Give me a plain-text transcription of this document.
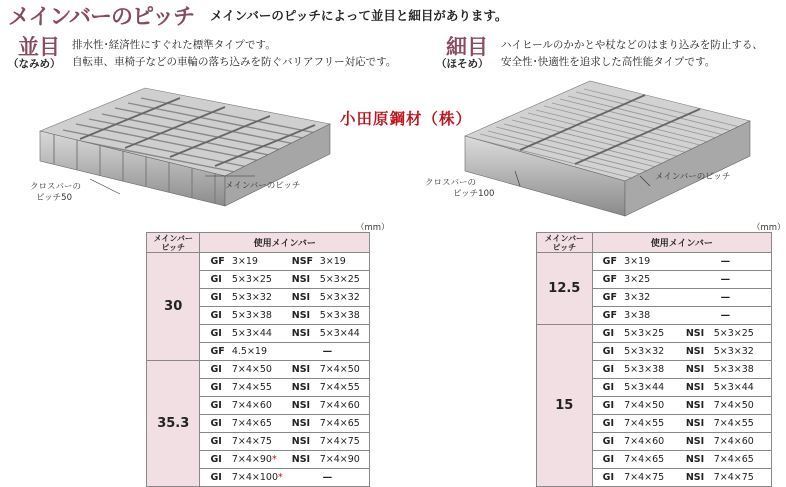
メインバーのピッチ メインバーのピッチによって並目と細目があります。
並目
（なみめ）
排水性･経済性にすぐれた標準タイプです。
自転車、車椅子などの車輪の落ち込みを防ぐバリアフリー対応です。
細目
（ほそめ）
ハイヒールのかかとや杖などのはまり込みを防止する、
安全性･快適性を追求した高性能タイプです。
小田原鋼材（株）
クロスバーの
ピッチ50
メインバーのピッチ	クロスバーの
ピッチ100
メインバーのピッチ
（mm）	（mm）
メインバー
ピッチ	使用メインバー			
30	GF	3×19	NSF	3×19
	GI	5×3×25	NSI	5×3×25
	GI	5×3×32	NSI	5×3×32
	GI	5×3×38	NSI	5×3×38
	GI	5×3×44	NSI	5×3×44
	GF	4.5×19	—	
35.3	GI	7×4×50	NSI	7×4×50
	GI	7×4×55	NSI	7×4×55
	GI	7×4×60	NSI	7×4×60
	GI	7×4×65	NSI	7×4×65
	GI	7×4×75	NSI	7×4×75
	GI	7×4×90*	NSI	7×4×90
	GI	7×4×100*	—	
メインバー
ピッチ	使用メインバー			
12.5	GF	3×19	—	
	GF	3×25	—	
	GF	3×32	—	
	GF	3×38	—	
15	GI	5×3×25	NSI	5×3×25
	GI	5×3×32	NSI	5×3×32
	GI	5×3×38	NSI	5×3×38
	GI	5×3×44	NSI	5×3×44
	GI	7×4×50	NSI	7×4×50
	GI	7×4×55	NSI	7×4×55
	GI	7×4×60	NSI	7×4×60
	GI	7×4×65	NSI	7×4×65
	GI	7×4×75	NSI	7×4×75
